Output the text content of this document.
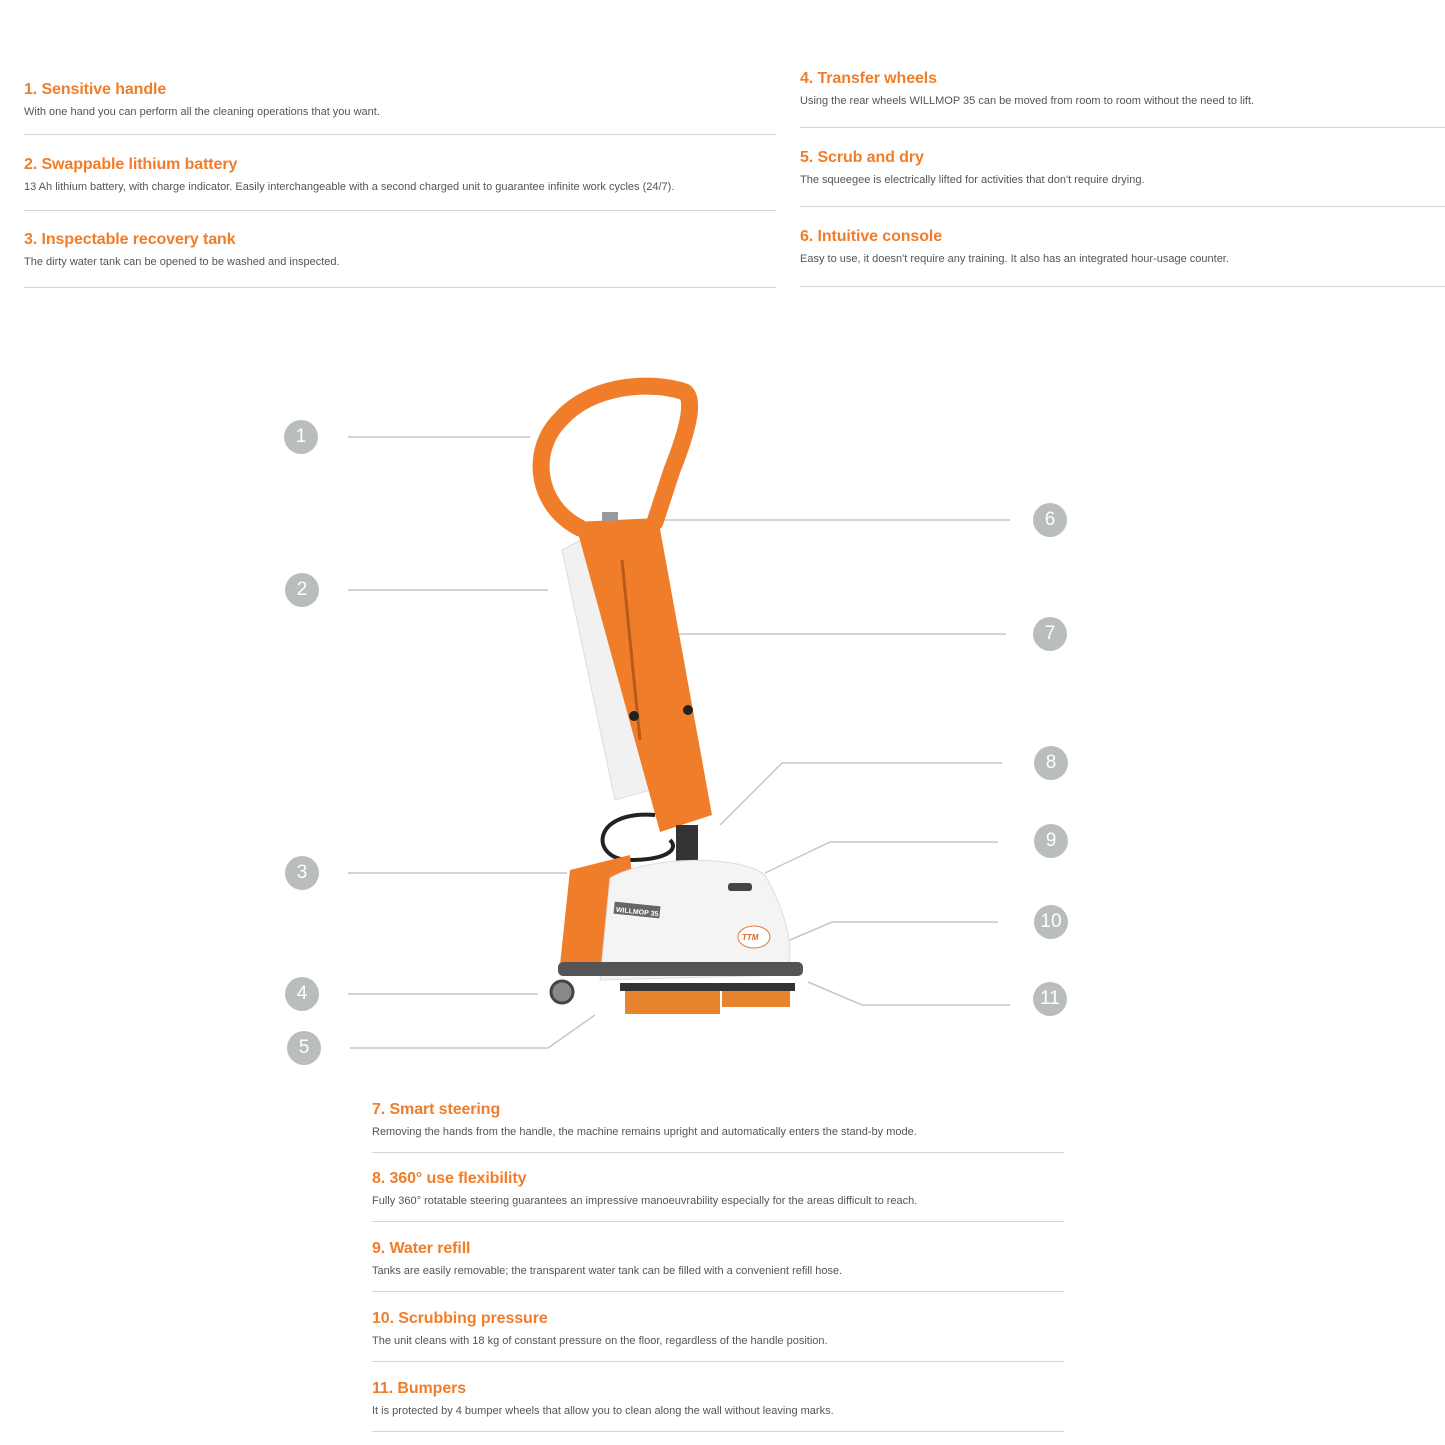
1. Sensitive handle

With one hand you can perform all the cleaning operations that you want.

2. Swappable lithium battery

13 Ah lithium battery, with charge indicator. Easily interchangeable with a second charged unit to guarantee infinite work cycles (24/7).

3. Inspectable recovery tank

The dirty water tank can be opened to be washed and inspected.

4. Transfer wheels

Using the rear wheels WILLMOP 35 can be moved from room to room without the need to lift.

5. Scrub and dry

The squeegee is electrically lifted for activities that don't require drying.

6. Intuitive console

Easy to use, it doesn't require any training. It also has an integrated hour-usage counter.

7. Smart steering

Removing the hands from the handle, the machine remains upright and automatically enters the stand-by mode.

8. 360° use flexibility

Fully 360° rotatable steering guarantees an impressive manoeuvrability especially for the areas difficult to reach.

9. Water refill

Tanks are easily removable; the transparent water tank can be filled with a convenient refill hose.

10. Scrubbing pressure

The unit cleans with 18 kg of constant pressure on the floor, regardless of the handle position.

11. Bumpers

It is protected by 4 bumper wheels that allow you to clean along the wall without leaving marks.

WILLMOP 35
TTM
1
2
3
4
5
6
7
8
9
10
11
